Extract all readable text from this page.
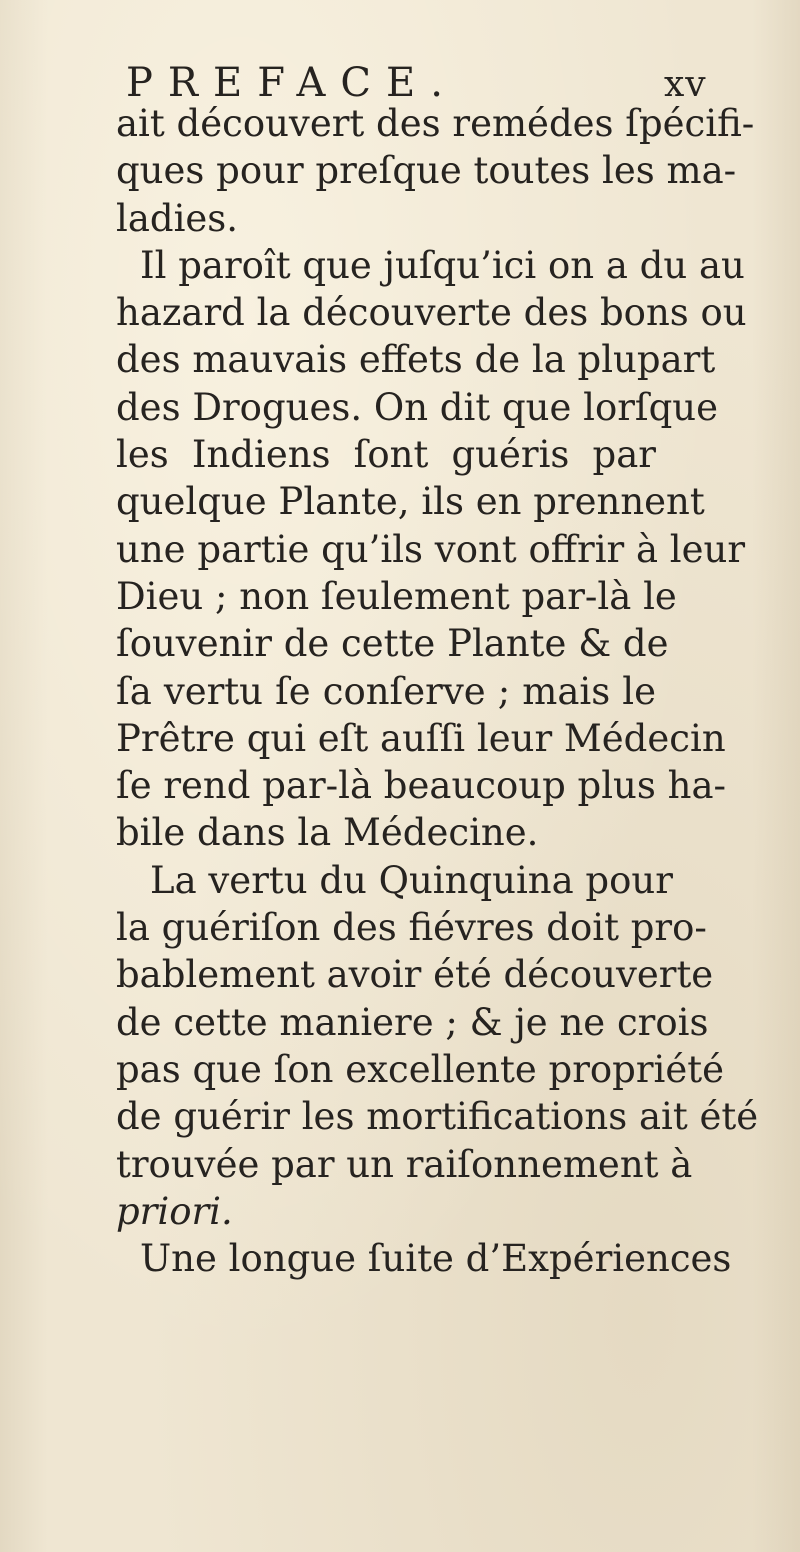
PREFACE.	xv
ait découvert des remédes ſpécifi-
ques pour preſque toutes les ma-
ladies.
Il paroît que juſqu’ici on a du au
hazard la découverte des bons ou
des mauvais effets de la plupart
des Drogues. On dit que lorſque
les Indiens ſont guéris par
quelque Plante, ils en prennent
une partie qu’ils vont offrir à leur
Dieu ; non ſeulement par-là le
ſouvenir de cette Plante & de
ſa vertu ſe conſerve ; mais le
Prêtre qui eſt auſſi leur Médecin
ſe rend par-là beaucoup plus ha-
bile dans la Médecine.
La vertu du Quinquina pour
la guériſon des fiévres doit pro-
bablement avoir été découverte
de cette maniere ; & je ne crois
pas que ſon excellente propriété
de guérir les mortifications ait été
trouvée par un raiſonnement à
priori.
Une longue ſuite d’Expériences
